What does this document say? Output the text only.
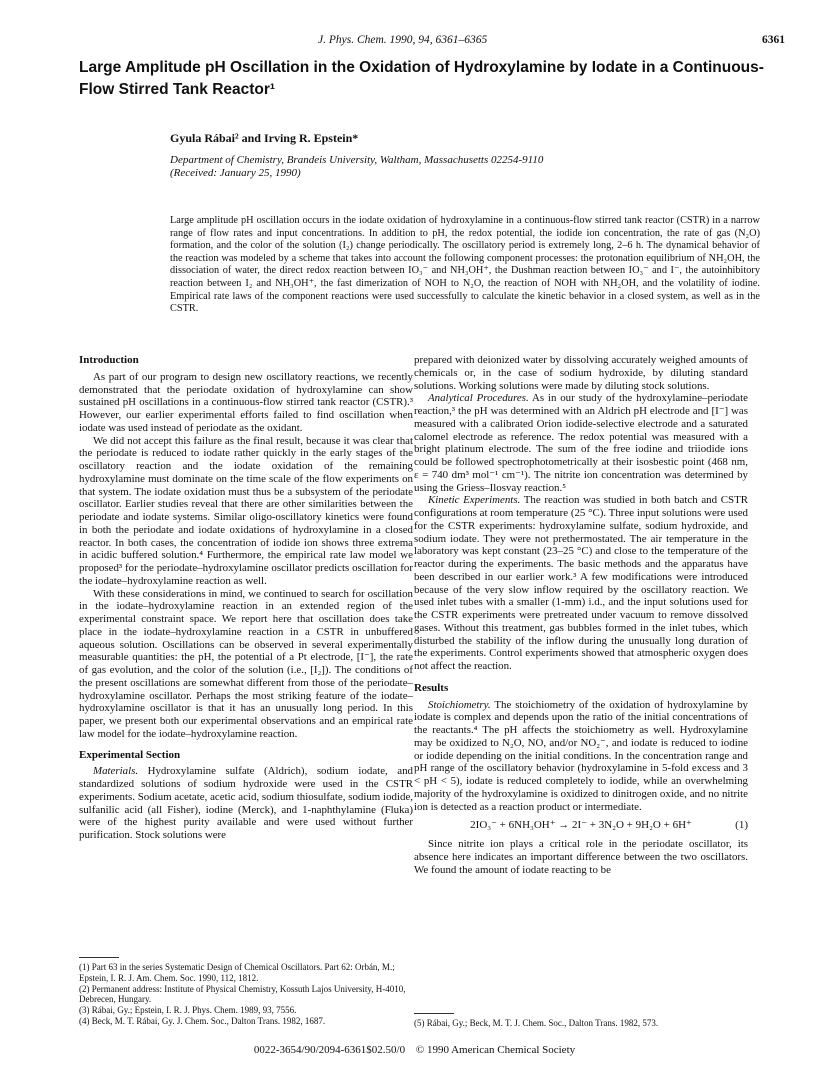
J. Phys. Chem. 1990, 94, 6361–6365	6361
Large Amplitude pH Oscillation in the Oxidation of Hydroxylamine by Iodate in a Continuous-Flow Stirred Tank Reactor¹
Gyula Rábai² and Irving R. Epstein*
Department of Chemistry, Brandeis University, Waltham, Massachusetts 02254-9110
(Received: January 25, 1990)
Large amplitude pH oscillation occurs in the iodate oxidation of hydroxylamine in a continuous-flow stirred tank reactor (CSTR) in a narrow range of flow rates and input concentrations. In addition to pH, the redox potential, the iodide ion concentration, the rate of gas (N₂O) formation, and the color of the solution (I₂) change periodically. The oscillatory period is extremely long, 2–6 h. The dynamical behavior of the reaction was modeled by a scheme that takes into account the following component processes: the protonation equilibrium of NH₂OH, the dissociation of water, the direct redox reaction between IO₃⁻ and NH₃OH⁺, the Dushman reaction between IO₃⁻ and I⁻, the autoinhibitory reaction between I₂ and NH₃OH⁺, the fast dimerization of NOH to N₂O, the reaction of NOH with NH₂OH, and the volatility of iodine. Empirical rate laws of the component reactions were used successfully to calculate the kinetic behavior in a closed system, as well as in the CSTR.
Introduction

As part of our program to design new oscillatory reactions, we recently demonstrated that the periodate oxidation of hydroxylamine can show sustained pH oscillations in a continuous-flow stirred tank reactor (CSTR).³ However, our earlier experimental efforts failed to find oscillation when iodate was used instead of periodate as the oxidant.

We did not accept this failure as the final result, because it was clear that the periodate is reduced to iodate rather quickly in the early stages of the oscillatory reaction and the iodate oxidation of the remaining hydroxylamine must dominate on the time scale of the flow experiments on that system. The iodate oxidation must thus be a subsystem of the periodate oscillator. Earlier studies reveal that there are other similarities between the periodate and iodate systems. Similar oligo-oscillatory kinetics were found in both the periodate and iodate oxidations of hydroxylamine in a closed reactor. In both cases, the concentration of iodide ion shows three extrema in acidic buffered solution.⁴ Furthermore, the empirical rate law model we proposed³ for the periodate–hydroxylamine oscillator predicts oscillation for the iodate–hydroxylamine reaction as well.

With these considerations in mind, we continued to search for oscillation in the iodate–hydroxylamine reaction in an extended region of the experimental constraint space. We report here that oscillation does take place in the iodate–hydroxylamine reaction in a CSTR in unbuffered aqueous solution. Oscillations can be observed in several experimentally measurable quantities: the pH, the potential of a Pt electrode, [I⁻], the rate of gas evolution, and the color of the solution (i.e., [I₂]). The conditions of the present oscillations are somewhat different from those of the periodate–hydroxylamine oscillator. Perhaps the most striking feature of the iodate–hydroxylamine oscillator is that it has an unusually long period. In this paper, we present both our experimental observations and an empirical rate law model for the iodate–hydroxylamine reaction.

Experimental Section

Materials. Hydroxylamine sulfate (Aldrich), sodium iodate, and standardized solutions of sodium hydroxide were used in the CSTR experiments. Sodium acetate, acetic acid, sodium thiosulfate, sodium iodide, sulfanilic acid (all Fisher), iodine (Merck), and 1-naphthylamine (Fluka) were of the highest purity available and were used without further purification. Stock solutions were

prepared with deionized water by dissolving accurately weighed amounts of chemicals or, in the case of sodium hydroxide, by diluting standard solutions. Working solutions were made by diluting stock solutions.

Analytical Procedures. As in our study of the hydroxylamine–periodate reaction,³ the pH was determined with an Aldrich pH electrode and [I⁻] was measured with a calibrated Orion iodide-selective electrode and a saturated calomel electrode as reference. The redox potential was measured with a bright platinum electrode. The sum of the free iodine and triiodide ions could be followed spectrophotometrically at their isosbestic point (468 nm, ε = 740 dm³ mol⁻¹ cm⁻¹). The nitrite ion concentration was determined by using the Griess–Ilosvay reaction.⁵

Kinetic Experiments. The reaction was studied in both batch and CSTR configurations at room temperature (25 °C). Three input solutions were used for the CSTR experiments: hydroxylamine sulfate, sodium hydroxide, and sodium iodate. They were not prethermostated. The air temperature in the laboratory was kept constant (23–25 °C) and close to the temperature of the reactor during the experiments. The basic methods and the apparatus have been described in our earlier work.³ A few modifications were introduced because of the very slow inflow required by the oscillatory reaction. We used inlet tubes with a smaller (1-mm) i.d., and the input solutions used for the CSTR experiments were pretreated under vacuum to remove dissolved gases. Without this treatment, gas bubbles formed in the inlet tubes, which disturbed the stability of the inflow during the unusually long duration of the experiments. Control experiments showed that atmospheric oxygen does not affect the reaction.

Results

Stoichiometry. The stoichiometry of the oxidation of hydroxylamine by iodate is complex and depends upon the ratio of the initial concentrations of the reactants.⁴ The pH affects the stoichiometry as well. Hydroxylamine may be oxidized to N₂O, NO, and/or NO₂⁻, and iodate is reduced to iodine or iodide depending on the initial conditions. In the concentration range and pH range of the oscillatory behavior (hydroxylamine in 5-fold excess and 3 < pH < 5), iodate is reduced completely to iodide, while an overwhelming majority of the hydroxylamine is oxidized to dinitrogen oxide, and no nitrite ion is detected as a reaction product or intermediate.

2IO₃⁻ + 6NH₃OH⁺ → 2I⁻ + 3N₂O + 9H₂O + 6H⁺	(1)

Since nitrite ion plays a critical role in the periodate oscillator, its absence here indicates an important difference between the two oscillators. We found the amount of iodate reacting to be

(1) Part 63 in the series Systematic Design of Chemical Oscillators. Part 62: Orbán, M.; Epstein, I. R. J. Am. Chem. Soc. 1990, 112, 1812.
(2) Permanent address: Institute of Physical Chemistry, Kossuth Lajos University, H-4010, Debrecen, Hungary.
(3) Rábai, Gy.; Epstein, I. R. J. Phys. Chem. 1989, 93, 7556.
(4) Beck, M. T. Rábai, Gy. J. Chem. Soc., Dalton Trans. 1982, 1687.	(5) Rábai, Gy.; Beck, M. T. J. Chem. Soc., Dalton Trans. 1982, 573.
0022-3654/90/2094-6361$02.50/0 © 1990 American Chemical Society
